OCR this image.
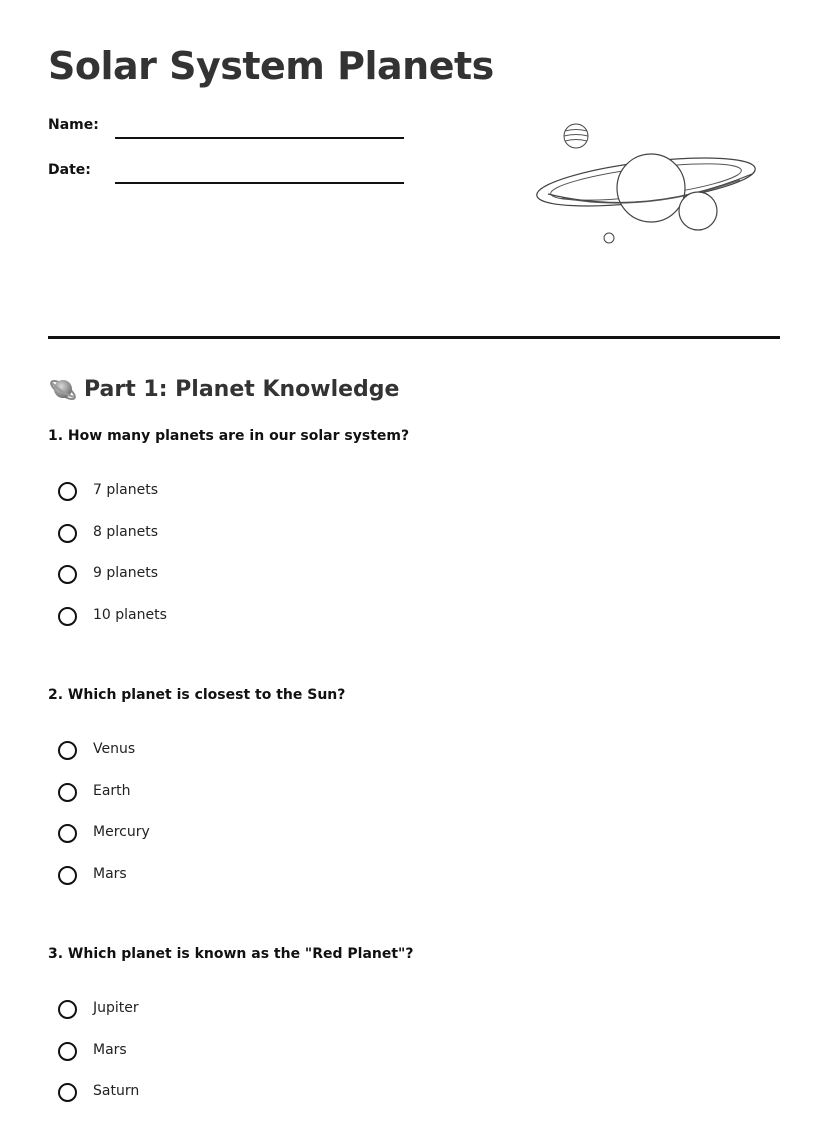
Solar System Planets
Name:
Date:
Part 1: Planet Knowledge
1. How many planets are in our solar system?
7 planets
8 planets
9 planets
10 planets
2. Which planet is closest to the Sun?
Venus
Earth
Mercury
Mars
3. Which planet is known as the "Red Planet"?
Jupiter
Mars
Saturn
